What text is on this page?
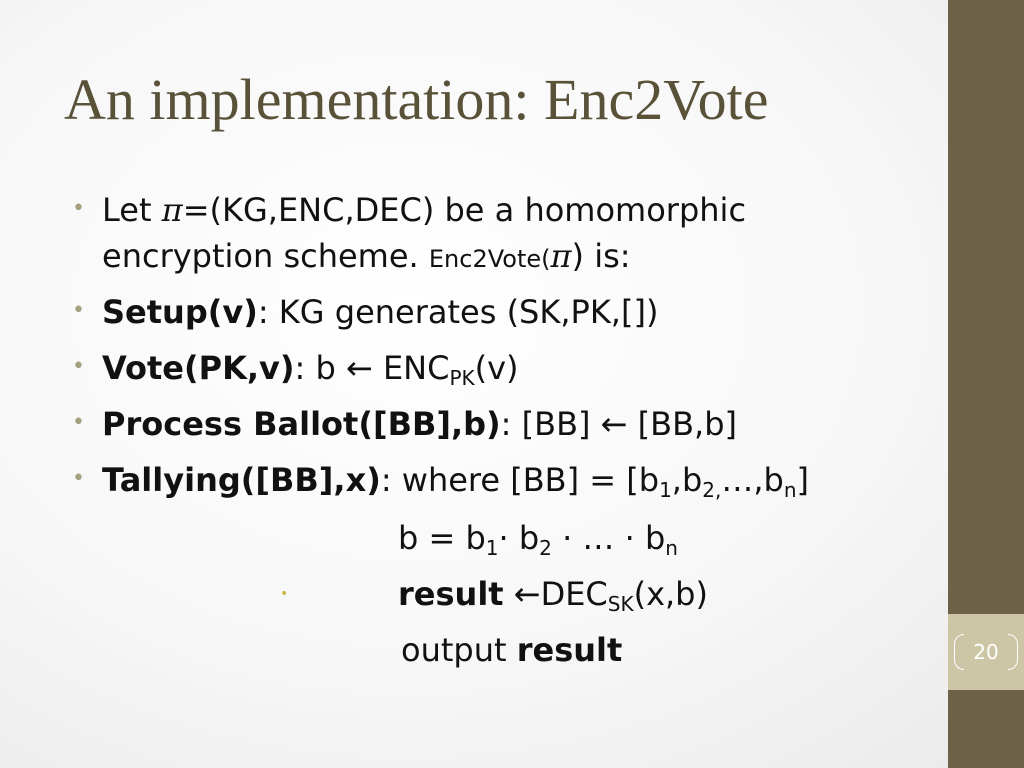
An implementation: Enc2Vote
• Let π=(KG,ENC,DEC) be a homomorphic
encryption scheme. Enc2Vote(π) is:
• Setup(v): KG generates (SK,PK,[])
• Vote(PK,v): b ← $ENC_{PK}(v)$
• Process Ballot([BB],b): [BB] ← [BB,b]
• Tallying([BB],x): where $[BB] = [b_1,b_{2,}\dots,b_n]$
$b = b_1\cdot b_2$ · … · $b_n$
•	result $\leftarrow DEC_{SK}(x,b)$
output result	20
